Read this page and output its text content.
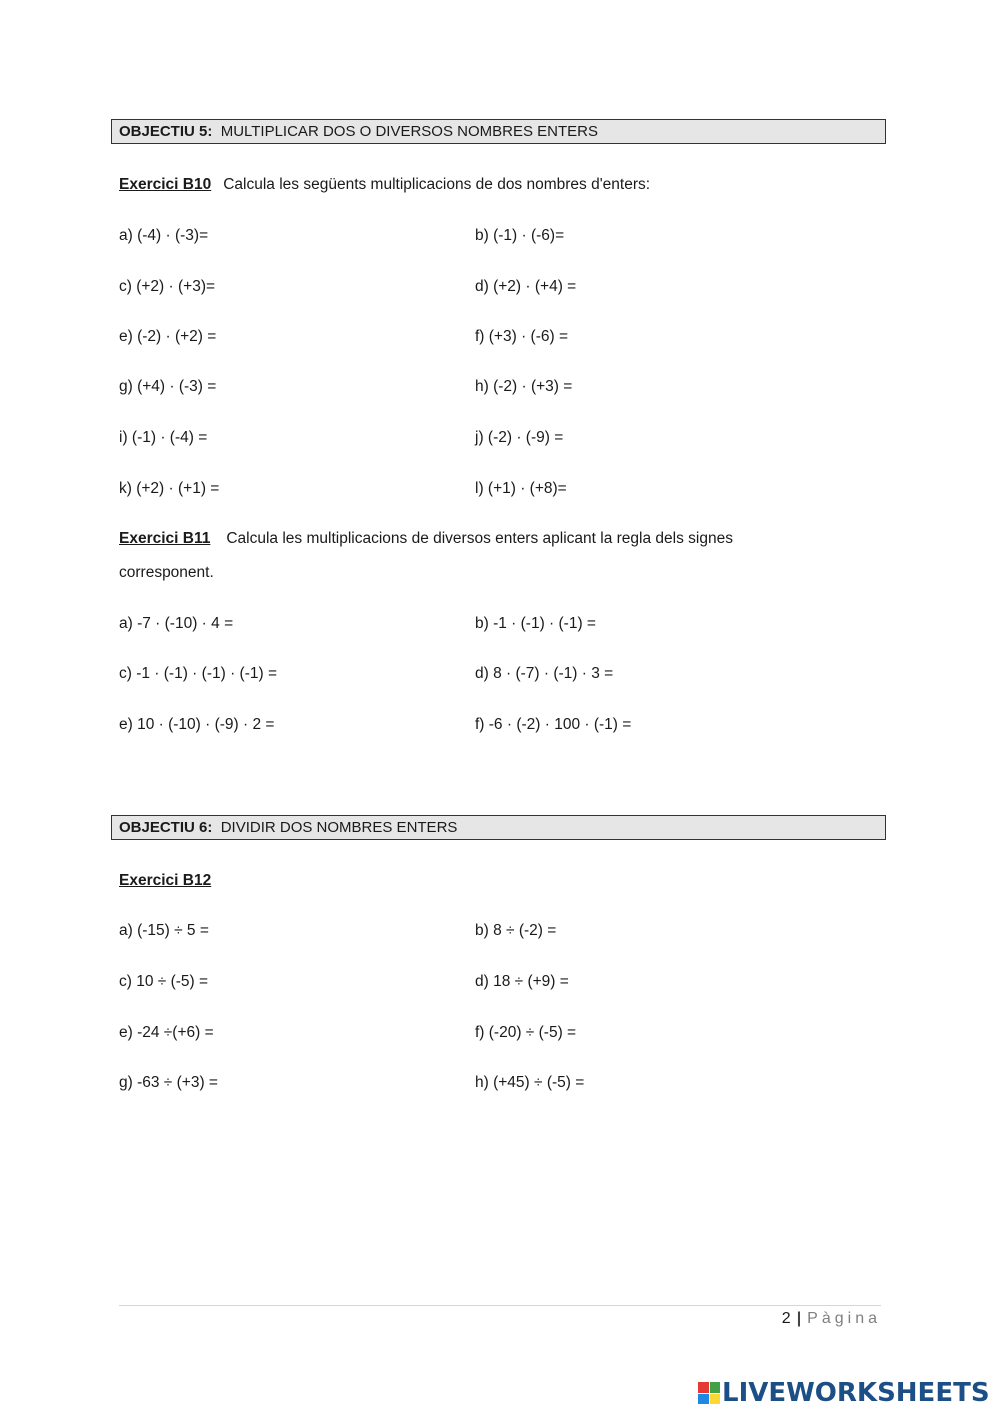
OBJECTIU 5: MULTIPLICAR DOS O DIVERSOS NOMBRES ENTERS
Exercici B10 Calcula les següents multiplicacions de dos nombres d'enters:
a) (-4) · (-3)=	b) (-1) · (-6)=
c) (+2) · (+3)=	d) (+2) · (+4) =
e) (-2) · (+2) =	f) (+3) · (-6) =
g) (+4) · (-3) =	h) (-2) · (+3) =
i) (-1) · (-4) =	j) (-2) · (-9) =
k) (+2) · (+1) =	l) (+1) · (+8)=
Exercici B11 Calcula les multiplicacions de diversos enters aplicant la regla dels signes
corresponent.
a) -7 · (-10) · 4 =	b) -1 · (-1) · (-1) =
c) -1 · (-1) · (-1) · (-1) =	d) 8 · (-7) · (-1) · 3 =
e) 10 · (-10) · (-9) · 2 =	f) -6 · (-2) · 100 · (-1) =
OBJECTIU 6: DIVIDIR DOS NOMBRES ENTERS
Exercici B12
a) (-15) ÷ 5 =	b) 8 ÷ (-2) =
c) 10 ÷ (-5) =	d) 18 ÷ (+9) =
e) -24 ÷(+6) =	f) (-20) ÷ (-5) =
g) -63 ÷ (+3) =	h) (+45) ÷ (-5) =
2 | Pàgina
LIVEWORKSHEETS
